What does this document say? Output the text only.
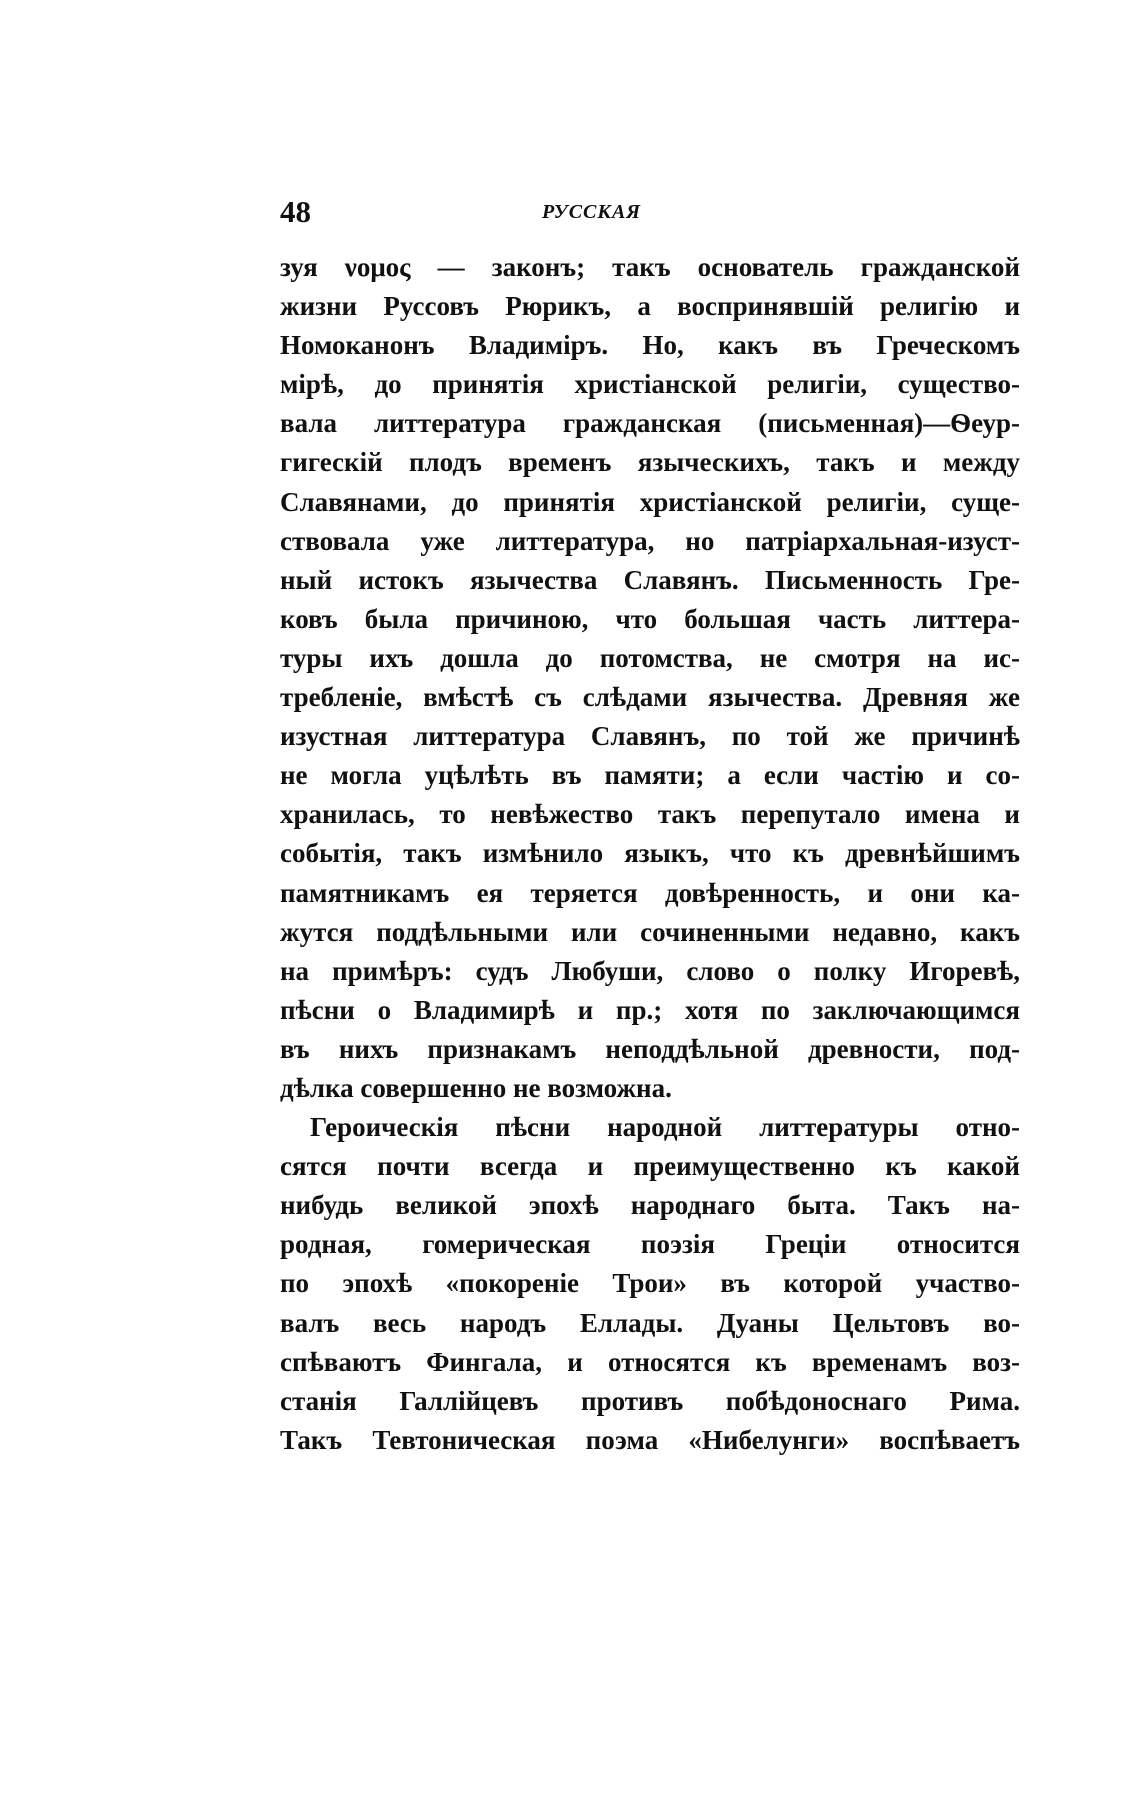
48	РУССКАЯ
зуя νομος — законъ; такъ основатель гражданской
жизни Руссовъ Рюрикъ, а воспринявшій религію и
Номоканонъ Владиміръ. Но, какъ въ Греческомъ
мірѣ, до принятія христіанской религіи, существо-
вала литтература гражданская (письменная)—Ѳеур-
гигескій плодъ временъ языческихъ, такъ и между
Славянами, до принятія христіанской религіи, суще-
ствовала уже литтература, но патріархальная-изуст-
ный истокъ язычества Славянъ. Письменность Гре-
ковъ была причиною, что большая часть литтера-
туры ихъ дошла до потомства, не смотря на ис-
требленіе, вмѣстѣ съ слѣдами язычества. Древняя же
изустная литтература Славянъ, по той же причинѣ
не могла уцѣлѣть въ памяти; а если частію и со-
хранилась, то невѣжество такъ перепутало имена и
событія, такъ измѣнило языкъ, что къ древнѣйшимъ
памятникамъ ея теряется довѣренность, и они ка-
жутся поддѣльными или сочиненными недавно, какъ
на примѣръ: судъ Любуши, слово о полку Игоревѣ,
пѣсни о Владимирѣ и пр.; хотя по заключающимся
въ нихъ признакамъ неподдѣльной древности, под-
дѣлка совершенно не возможна.
Героическія пѣсни народной литтературы отно-
сятся почти всегда и преимущественно къ какой
нибудь великой эпохѣ народнаго быта. Такъ на-
родная, гомерическая поэзія Греціи относится
по эпохѣ «покореніе Трои» въ которой участво-
валъ весь народъ Еллады. Дуаны Цельтовъ во-
спѣваютъ Фингала, и относятся къ временамъ воз-
станія Галлійцевъ противъ побѣдоноснаго Рима.
Такъ Тевтоническая поэма «Нибелунги» воспѣваетъ
